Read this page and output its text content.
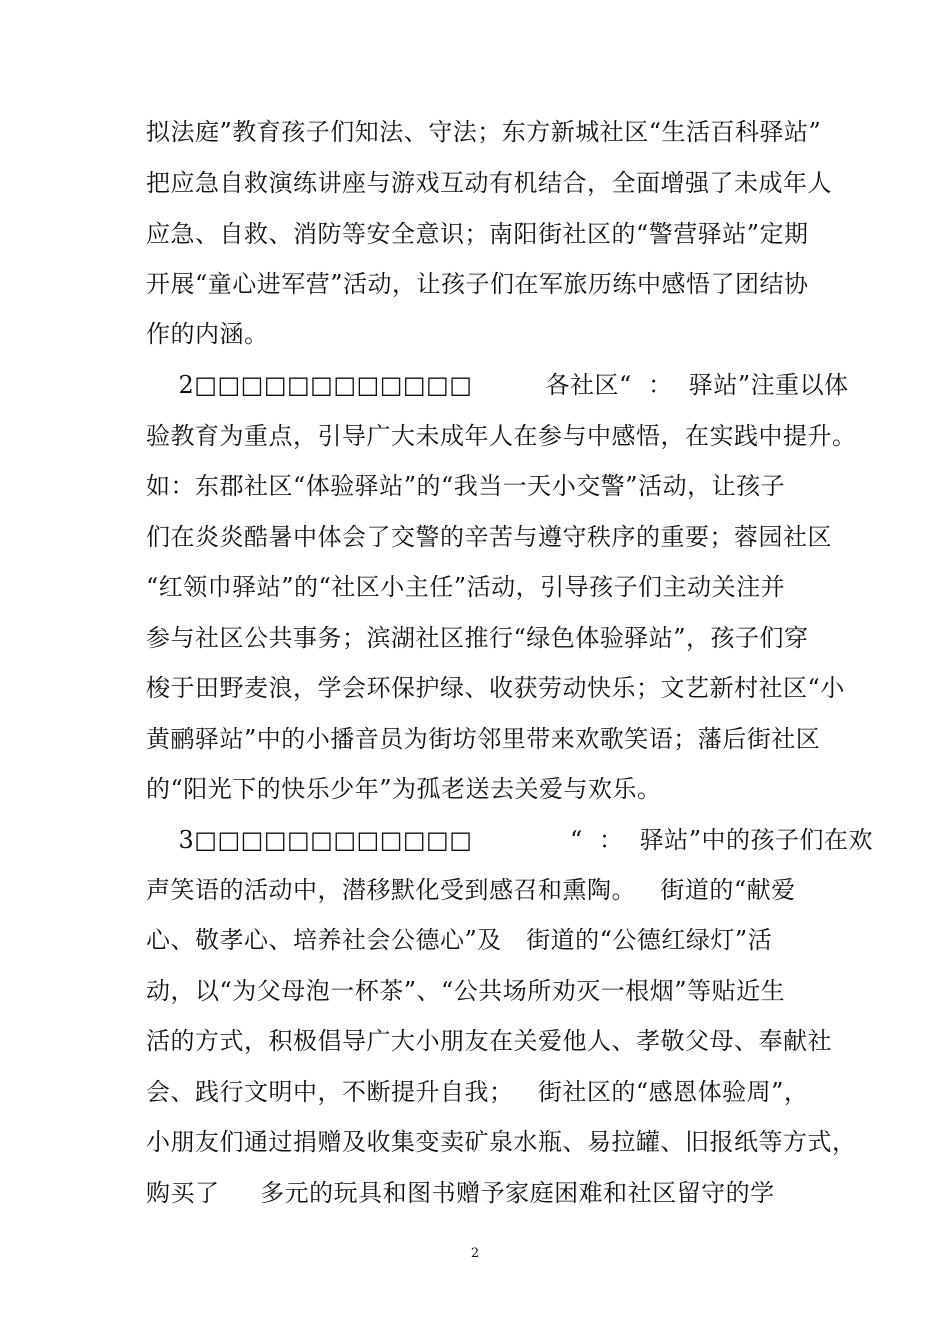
拟法庭”教育孩子们知法、守法；东方新城社区“生活百科驿站”
把应急自救演练讲座与游戏互动有机结合，全面增强了未成年人
应急、自救、消防等安全意识；南阳街社区的“警营驿站”定期
开展“童心进军营”活动，让孩子们在军旅历练中感悟了团结协
作的内涵。
2□□□□□□□□□□□□         各社区“  ：  驿站”注重以体
验教育为重点，引导广大未成年人在参与中感悟，在实践中提升。
如：东郡社区“体验驿站”的“我当一天小交警”活动，让孩子
们在炎炎酷暑中体会了交警的辛苦与遵守秩序的重要；蓉园社区
“红领巾驿站”的“社区小主任”活动，引导孩子们主动关注并
参与社区公共事务；滨湖社区推行“绿色体验驿站”，孩子们穿
梭于田野麦浪，学会环保护绿、收获劳动快乐；文艺新村社区“小
黄鹂驿站”中的小播音员为街坊邻里带来欢歌笑语；藩后街社区
的“阳光下的快乐少年”为孤老送去关爱与欢乐。
3□□□□□□□□□□□□            “  ：  驿站”中的孩子们在欢
声笑语的活动中，潜移默化受到感召和熏陶。   街道的“献爱
心、敬孝心、培养社会公德心”及   街道的“公德红绿灯”活
动，以“为父母泡一杯茶”、“公共场所劝灭一根烟”等贴近生
活的方式，积极倡导广大小朋友在关爱他人、孝敬父母、奉献社
会、践行文明中，不断提升自我；   街社区的“感恩体验周”，
小朋友们通过捐赠及收集变卖矿泉水瓶、易拉罐、旧报纸等方式，
购买了     多元的玩具和图书赠予家庭困难和社区留守的学
2
